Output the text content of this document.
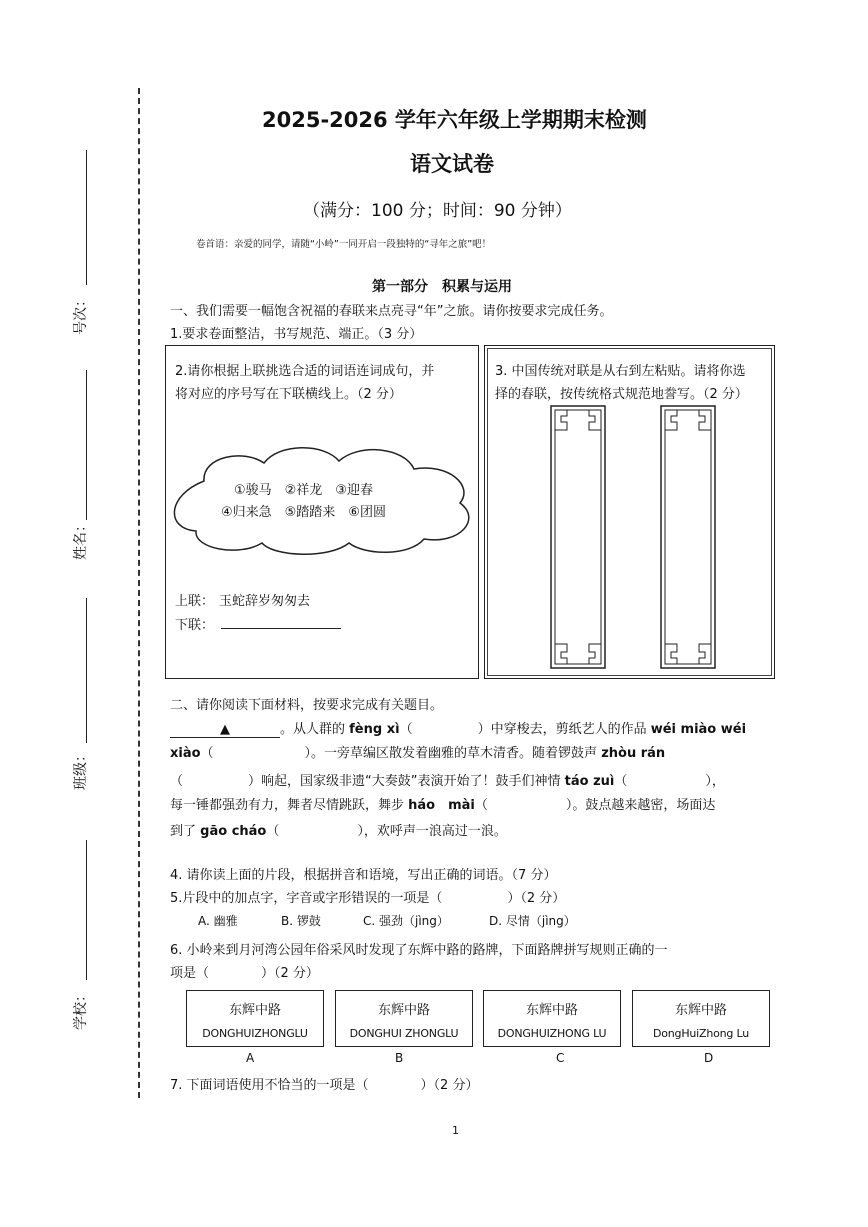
号次：
姓名：
班级：
学校：
2025-2026 学年六年级上学期期末检测
语文试卷
（满分：100 分；时间：90 分钟）
卷首语：亲爱的同学，请随“小岭”一同开启一段独特的“寻年之旅”吧！
第一部分　积累与运用
一、我们需要一幅饱含祝福的春联来点亮寻“年”之旅。请你按要求完成任务。
1.要求卷面整洁，书写规范、端正。（3 分）
2.请你根据上联挑选合适的词语连词成句，并
将对应的序号写在下联横线上。（2 分）
①骏马　②祥龙　③迎春
④归来急　⑤踏踏来　⑥团圆
上联： 玉蛇辞岁匆匆去
下联：
3. 中国传统对联是从右到左粘贴。请将你选
择的春联，按传统格式规范地誊写。（2 分）
二、请你阅读下面材料，按要求完成有关题目。
▲	。从人群的 fèng xì（　　　　　）中穿梭去，剪纸艺人的作品 wéi miào wéi
xiào（　　　　　　　）。一旁草编区散发着幽雅的草木清香。随着锣鼓声 zhòu rán
（　　　　　）响起，国家级非遗“大奏鼓”表演开始了！鼓手们神情 táo zuì（　　　　　　），
每一锤都强劲有力，舞者尽情跳跃，舞步 háo　mài（　　　　　　）。鼓点越来越密，场面达
到了 gāo cháo（　　　　　　），欢呼声一浪高过一浪。
4. 请你读上面的片段，根据拼音和语境，写出正确的词语。（7 分）
5.片段中的加点字，字音或字形错误的一项是（　　　　　）（2 分）
A. 幽雅	B. 锣鼓	C. 强劲（jìng）	D. 尽情（jìng）
6. 小岭来到月河湾公园年俗采风时发现了东辉中路的路牌，下面路牌拼写规则正确的一
项是（　　　　）（2 分）
东辉中路
DONGHUIZHONGLU
东辉中路
DONGHUI ZHONGLU
东辉中路
DONGHUIZHONG LU
东辉中路
DongHuiZhong Lu
A	B	C	D
7. 下面词语使用不恰当的一项是（　　　　）（2 分）
1
